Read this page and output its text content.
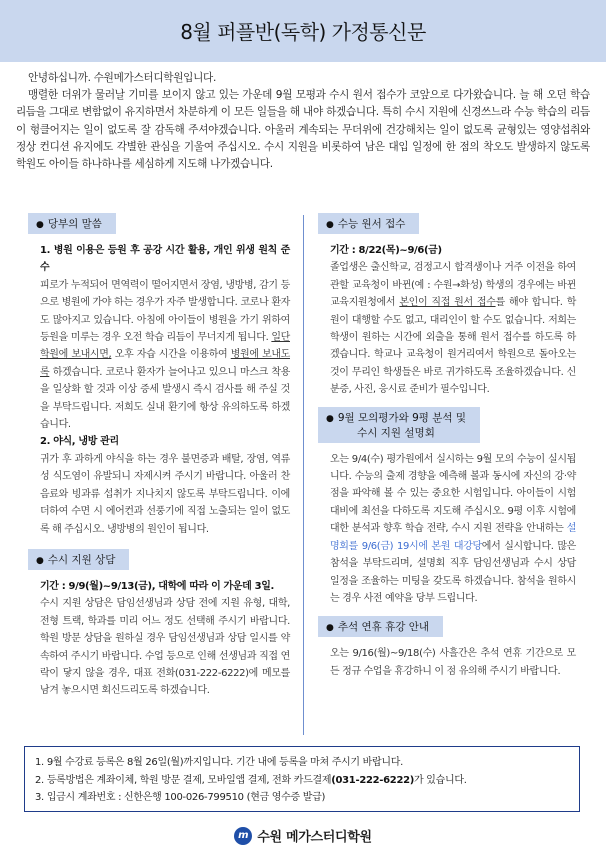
8월 퍼플반(독학) 가정통신문

안녕하십니까. 수원메가스터디학원입니다.

맹렬한 더위가 물러날 기미를 보이지 않고 있는 가운데 9월 모평과 수시 원서 접수가 코앞으로 다가왔습니다. 늘 해 오던 학습 리듬을 그대로 변함없이 유지하면서 차분하게 이 모든 일들을 해 내야 하겠습니다. 특히 수시 지원에 신경쓰느라 수능 학습의 리듬이 헝클어지는 일이 없도록 잘 감독해 주셔야겠습니다. 아울러 계속되는 무더위에 건강해치는 일이 없도록 균형있는 영양섭취와 정상 컨디션 유지에도 각별한 관심을 기울여 주십시오. 수시 지원을 비롯하여 남은 대입 일정에 한 점의 착오도 발생하지 않도록 학원도 아이들 하나하나를 세심하게 지도해 나가겠습니다.

● 당부의 말씀

1. 병원 이용은 등원 후 공강 시간 활용, 개인 위생 원칙 준수

피로가 누적되어 면역력이 떨어지면서 장염, 냉방병, 감기 등으로 병원에 가야 하는 경우가 자주 발생합니다. 코로나 환자도 많아지고 있습니다. 아침에 아이들이 병원을 가기 위하여 등원을 미루는 경우 오전 학습 리듬이 무너지게 됩니다. 일단 학원에 보내시면, 오후 자습 시간을 이용하여 병원에 보내도록 하겠습니다. 코로나 환자가 늘어나고 있으니 마스크 착용을 일상화 할 것과 이상 증세 발생시 즉시 검사를 해 주실 것을 부탁드립니다. 저희도 실내 환기에 항상 유의하도록 하겠습니다.

2. 야식, 냉방 관리

귀가 후 과하게 야식을 하는 경우 불면증과 배탈, 장염, 역류성 식도염이 유발되니 자제시켜 주시기 바랍니다. 아울러 찬 음료와 빙과류 섭취가 지나치지 않도록 부탁드립니다. 이에 더하여 수면 시 에어컨과 선풍기에 직접 노출되는 일이 없도록 해 주십시오. 냉방병의 원인이 됩니다.

● 수시 지원 상담

기간 : 9/9(월)~9/13(금), 대학에 따라 이 가운데 3일.

수시 지원 상담은 담임선생님과 상담 전에 지원 유형, 대학, 전형 트랙, 학과를 미리 어느 정도 선택해 주시기 바랍니다. 학원 방문 상담을 원하실 경우 담임선생님과 상담 일시를 약속하여 주시기 바랍니다. 수업 등으로 인해 선생님과 직접 연락이 닿지 않을 경우, 대표 전화(031-222-6222)에 메모를 남겨 놓으시면 회신드리도록 하겠습니다.

● 수능 원서 접수

기간 : 8/22(목)~9/6(금)

졸업생은 출신학교, 검정고시 합격생이나 거주 이전을 하여 관할 교육청이 바뀐(예 : 수원→화성) 학생의 경우에는 바뀐 교육지원청에서 본인이 직접 원서 접수를 해야 합니다. 학원이 대행할 수도 없고, 대리인이 할 수도 없습니다. 저희는 학생이 원하는 시간에 외출을 통해 원서 접수를 하도록 하겠습니다. 학교나 교육청이 원거리여서 학원으로 돌아오는 것이 무리인 학생들은 바로 귀가하도록 조율하겠습니다. 신분증, 사진, 응시료 준비가 필수입니다.

● 9월 모의평가와 9평 분석 및
수시 지원 설명회

오는 9/4(수) 평가원에서 실시하는 9월 모의 수능이 실시됩니다. 수능의 출제 경향을 예측해 볼과 동시에 자신의 강·약점을 파악해 볼 수 있는 중요한 시험입니다. 아이들이 시험 대비에 최선을 다하도록 지도해 주십시오. 9평 이후 시험에 대한 분석과 향후 학습 전략, 수시 지원 전략을 안내하는 설명회를 9/6(금) 19시에 본원 대강당에서 실시합니다. 많은 참석을 부탁드리며, 설명회 직후 담임선생님과 수시 상담 일정을 조율하는 미팅을 갖도록 하겠습니다. 참석을 원하시는 경우 사전 예약을 당부 드립니다.

● 추석 연휴 휴강 안내

오는 9/16(월)~9/18(수) 사흘간은 추석 연휴 기간으로 모든 정규 수업을 휴강하니 이 점 유의해 주시기 바랍니다.

1. 9월 수강료 등록은 8월 26일(월)까지입니다. 기간 내에 등록을 마쳐 주시기 바랍니다.

2. 등록방법은 계좌이체, 학원 방문 결제, 모바일앱 결제, 전화 카드결제(031-222-6222)가 있습니다.

3. 입금시 계좌번호 : 신한은행 100-026-799510 (현금 영수증 발급)

m 수원 메가스터디학원
